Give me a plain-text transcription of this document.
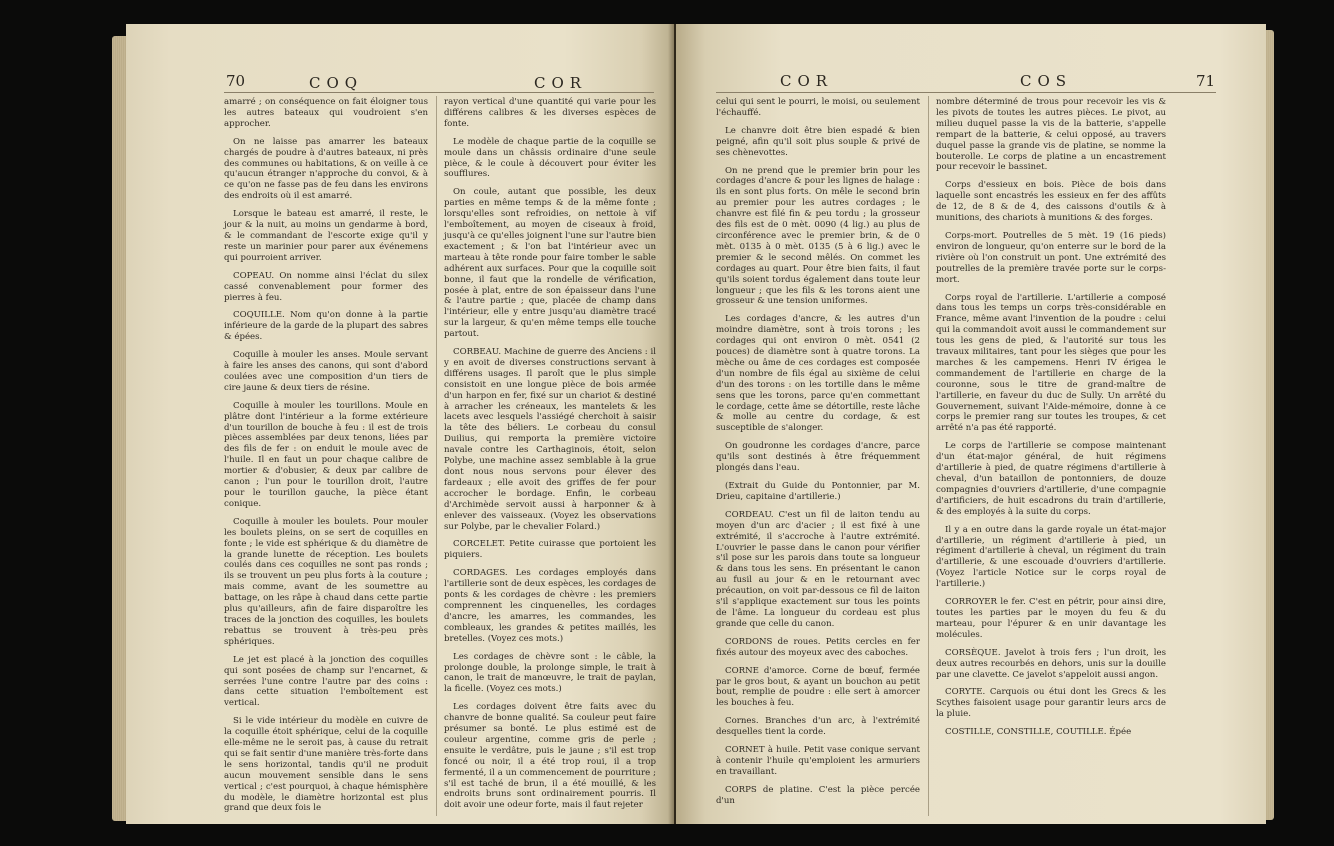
70	COQ	COR

amarré ; on conséquence on fait éloigner tous les autres bateaux qui voudroient s'en approcher.

On ne laisse pas amarrer les bateaux chargés de poudre à d'autres bateaux, ni près des communes ou habitations, & on veille à ce qu'aucun étranger n'approche du convoi, & à ce qu'on ne fasse pas de feu dans les environs des endroits où il est amarré.

Lorsque le bateau est amarré, il reste, le jour & la nuit, au moins un gendarme à bord, & le commandant de l'escorte exige qu'il y reste un marinier pour parer aux événemens qui pourroient arriver.

COPEAU. On nomme ainsi l'éclat du silex cassé convenablement pour former des pierres à feu.

COQUILLE. Nom qu'on donne à la partie inférieure de la garde de la plupart des sabres & épées.

Coquille à mouler les anses. Moule servant à faire les anses des canons, qui sont d'abord coulées avec une composition d'un tiers de cire jaune & deux tiers de résine.

Coquille à mouler les tourillons. Moule en plâtre dont l'intérieur a la forme extérieure d'un tourillon de bouche à feu : il est de trois pièces assemblées par deux tenons, liées par des fils de fer : on enduit le moule avec de l'huile. Il en faut un pour chaque calibre de mortier & d'obusier, & deux par calibre de canon ; l'un pour le tourillon droit, l'autre pour le tourillon gauche, la pièce étant conique.

Coquille à mouler les boulets. Pour mouler les boulets pleins, on se sert de coquilles en fonte ; le vide est sphérique & du diamètre de la grande lunette de réception. Les boulets coulés dans ces coquilles ne sont pas ronds ; ils se trouvent un peu plus forts à la couture ; mais comme, avant de les soumettre au battage, on les râpe à chaud dans cette partie plus qu'ailleurs, afin de faire disparoître les traces de la jonction des coquilles, les boulets rebattus se trouvent à très-peu près sphériques.

Le jet est placé à la jonction des coquilles qui sont posées de champ sur l'encarnet, & serrées l'une contre l'autre par des coins : dans cette situation l'emboîtement est vertical.

Si le vide intérieur du modèle en cuivre de la coquille étoit sphérique, celui de la coquille elle-même ne le seroit pas, à cause du retrait qui se fait sentir d'une manière très-forte dans le sens horizontal, tandis qu'il ne produit aucun mouvement sensible dans le sens vertical ; c'est pourquoi, à chaque hémisphère du modèle, le diamètre horizontal est plus grand que deux fois le

rayon vertical d'une quantité qui varie pour les différens calibres & les diverses espèces de fonte.

Le modèle de chaque partie de la coquille se moule dans un châssis ordinaire d'une seule pièce, & le coule à découvert pour éviter les soufflures.

On coule, autant que possible, les deux parties en même temps & de la même fonte ; lorsqu'elles sont refroidies, on nettoie à vif l'emboîtement, au moyen de ciseaux à froid, jusqu'à ce qu'elles joignent l'une sur l'autre bien exactement ; & l'on bat l'intérieur avec un marteau à tête ronde pour faire tomber le sable adhérent aux surfaces. Pour que la coquille soit bonne, il faut que la rondelle de vérification, posée à plat, entre de son épaisseur dans l'une & l'autre partie ; que, placée de champ dans l'intérieur, elle y entre jusqu'au diamètre tracé sur la largeur, & qu'en même temps elle touche partout.

CORBEAU. Machine de guerre des Anciens : il y en avoit de diverses constructions servant à différens usages. Il paroît que le plus simple consistoit en une longue pièce de bois armée d'un harpon en fer, fixé sur un chariot & destiné à arracher les créneaux, les mantelets & les lacets avec lesquels l'assiégé cherchoit à saisir la tête des béliers. Le corbeau du consul Duilius, qui remporta la première victoire navale contre les Carthaginois, étoit, selon Polybe, une machine assez semblable à la grue dont nous nous servons pour élever des fardeaux ; elle avoit des griffes de fer pour accrocher le bordage. Enfin, le corbeau d'Archimède servoit aussi à harponner & à enlever des vaisseaux. (Voyez les observations sur Polybe, par le chevalier Folard.)

CORCELET. Petite cuirasse que portoient les piquiers.

CORDAGES. Les cordages employés dans l'artillerie sont de deux espèces, les cordages de ponts & les cordages de chèvre : les premiers comprennent les cinquenelles, les cordages d'ancre, les amarres, les commandes, les combleaux, les grandes & petites maillés, les bretelles. (Voyez ces mots.)

Les cordages de chèvre sont : le câble, la prolonge double, la prolonge simple, le trait à canon, le trait de manœuvre, le trait de paylan, la ficelle. (Voyez ces mots.)

Les cordages doivent être faits avec du chanvre de bonne qualité. Sa couleur peut faire présumer sa bonté. Le plus estimé est de couleur argentine, comme gris de perle ; ensuite le verdâtre, puis le jaune ; s'il est trop foncé ou noir, il a été trop roui, il a trop fermenté, il a un commencement de pourriture ; s'il est taché de brun, il a été mouillé, & les endroits bruns sont ordinairement pourris. Il doit avoir une odeur forte, mais il faut rejeter

COR	COS	71

celui qui sent le pourri, le moisi, ou seulement l'échauffé.

Le chanvre doit être bien espadé & bien peigné, afin qu'il soit plus souple & privé de ses chènevottes.

On ne prend que le premier brin pour les cordages d'ancre & pour les lignes de halage : ils en sont plus forts. On mêle le second brin au premier pour les autres cordages ; le chanvre est filé fin & peu tordu ; la grosseur des fils est de 0 mèt. 0090 (4 lig.) au plus de circonférence avec le premier brin, & de 0 mèt. 0135 à 0 mèt. 0135 (5 à 6 lig.) avec le premier & le second mêlés. On commet les cordages au quart. Pour être bien faits, il faut qu'ils soient tordus également dans toute leur longueur ; que les fils & les torons aient une grosseur & une tension uniformes.

Les cordages d'ancre, & les autres d'un moindre diamètre, sont à trois torons ; les cordages qui ont environ 0 mèt. 0541 (2 pouces) de diamètre sont à quatre torons. La mèche ou âme de ces cordages est composée d'un nombre de fils égal au sixième de celui d'un des torons : on les tortille dans le même sens que les torons, parce qu'en commettant le cordage, cette âme se détortille, reste lâche & molle au centre du cordage, & est susceptible de s'alonger.

On goudronne les cordages d'ancre, parce qu'ils sont destinés à être fréquemment plongés dans l'eau.

(Extrait du Guide du Pontonnier, par M. Drieu, capitaine d'artillerie.)

CORDEAU. C'est un fil de laiton tendu au moyen d'un arc d'acier ; il est fixé à une extrémité, il s'accroche à l'autre extrémité. L'ouvrier le passe dans le canon pour vérifier s'il pose sur les parois dans toute sa longueur & dans tous les sens. En présentant le canon au fusil au jour & en le retournant avec précaution, on voit par-dessous ce fil de laiton s'il s'applique exactement sur tous les points de l'âme. La longueur du cordeau est plus grande que celle du canon.

CORDONS de roues. Petits cercles en fer fixés autour des moyeux avec des caboches.

CORNE d'amorce. Corne de bœuf, fermée par le gros bout, & ayant un bouchon au petit bout, remplie de poudre : elle sert à amorcer les bouches à feu.

Cornes. Branches d'un arc, à l'extrémité desquelles tient la corde.

CORNET à huile. Petit vase conique servant à contenir l'huile qu'emploient les armuriers en travaillant.

CORPS de platine. C'est la pièce percée d'un

nombre déterminé de trous pour recevoir les vis & les pivots de toutes les autres pièces. Le pivot, au milieu duquel passe la vis de la batterie, s'appelle rempart de la batterie, & celui opposé, au travers duquel passe la grande vis de platine, se nomme la bouterolle. Le corps de platine a un encastrement pour recevoir le bassinet.

Corps d'essieux en bois. Pièce de bois dans laquelle sont encastrés les essieux en fer des affûts de 12, de 8 & de 4, des caissons d'outils & à munitions, des chariots à munitions & des forges.

Corps-mort. Poutrelles de 5 mèt. 19 (16 pieds) environ de longueur, qu'on enterre sur le bord de la rivière où l'on construit un pont. Une extrémité des poutrelles de la première travée porte sur le corps-mort.

Corps royal de l'artillerie. L'artillerie a composé dans tous les temps un corps très-considérable en France, même avant l'invention de la poudre : celui qui la commandoit avoit aussi le commandement sur tous les gens de pied, & l'autorité sur tous les travaux militaires, tant pour les sièges que pour les marches & les campemens. Henri IV érigea le commandement de l'artillerie en charge de la couronne, sous le titre de grand-maître de l'artillerie, en faveur du duc de Sully. Un arrêté du Gouvernement, suivant l'Aide-mémoire, donne à ce corps le premier rang sur toutes les troupes, & cet arrêté n'a pas été rapporté.

Le corps de l'artillerie se compose maintenant d'un état-major général, de huit régimens d'artillerie à pied, de quatre régimens d'artillerie à cheval, d'un bataillon de pontonniers, de douze compagnies d'ouvriers d'artillerie, d'une compagnie d'artificiers, de huit escadrons du train d'artillerie, & des employés à la suite du corps.

Il y a en outre dans la garde royale un état-major d'artillerie, un régiment d'artillerie à pied, un régiment d'artillerie à cheval, un régiment du train d'artillerie, & une escouade d'ouvriers d'artillerie. (Voyez l'article Notice sur le corps royal de l'artillerie.)

CORROYER le fer. C'est en pétrir, pour ainsi dire, toutes les parties par le moyen du feu & du marteau, pour l'épurer & en unir davantage les molécules.

CORSÈQUE. Javelot à trois fers ; l'un droit, les deux autres recourbés en dehors, unis sur la douille par une clavette. Ce javelot s'appeloit aussi angon.

CORYTE. Carquois ou étui dont les Grecs & les Scythes faisoient usage pour garantir leurs arcs de la pluie.

COSTILLE, CONSTILLE, COUTILLE. Épée
